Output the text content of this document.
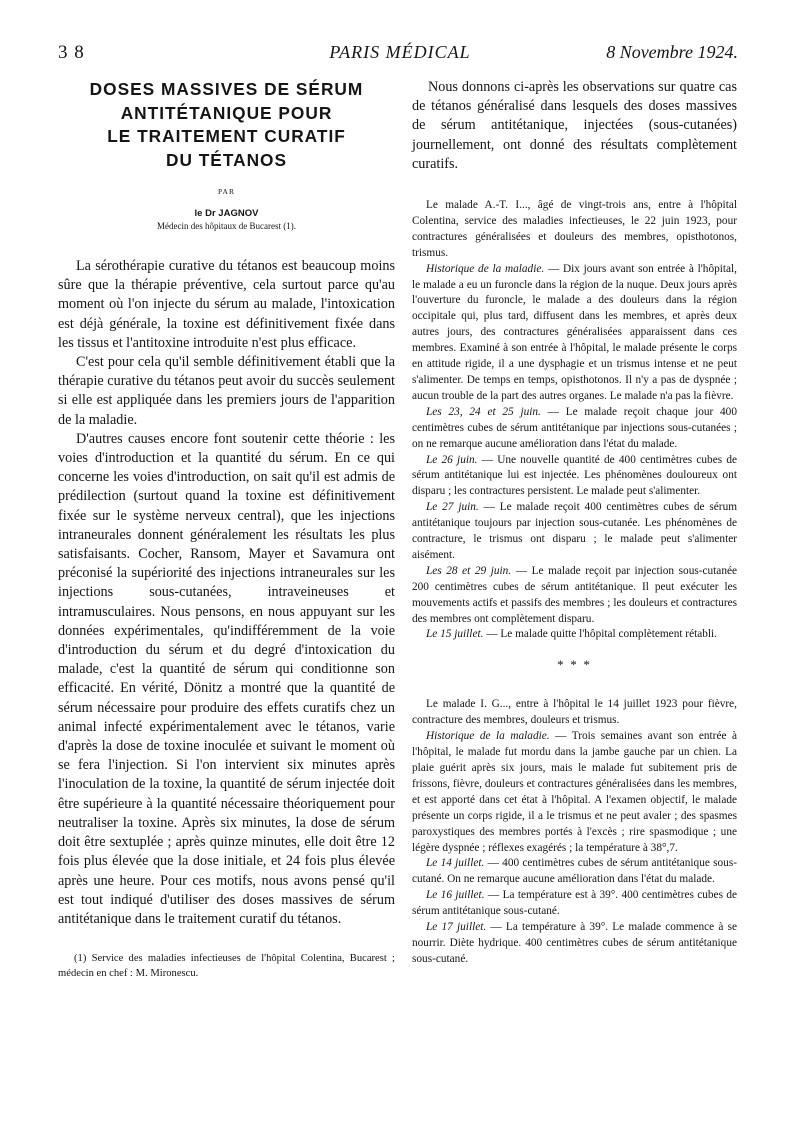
3 8	PARIS MÉDICAL	8 Novembre 1924.
DOSES MASSIVES DE SÉRUM
ANTITÉTANIQUE POUR
LE TRAITEMENT CURATIF
DU TÉTANOS
PAR
le Dr JAGNOV
Médecin des hôpitaux de Bucarest (1).

La sérothérapie curative du tétanos est beaucoup moins sûre que la thérapie préventive, cela surtout parce qu'au moment où l'on injecte du sérum au malade, l'intoxication est déjà générale, la toxine est définitivement fixée dans les tissus et l'antitoxine introduite n'est plus efficace.

C'est pour cela qu'il semble définitivement établi que la thérapie curative du tétanos peut avoir du succès seulement si elle est appliquée dans les premiers jours de l'apparition de la maladie.

D'autres causes encore font soutenir cette théorie : les voies d'introduction et la quantité du sérum. En ce qui concerne les voies d'introduction, on sait qu'il est admis de prédilection (surtout quand la toxine est définitivement fixée sur le système nerveux central), que les injections intraneurales donnent généralement les résultats les plus satisfaisants. Cocher, Ransom, Mayer et Savamura ont préconisé la supériorité des injections intraneurales sur les injections sous-cutanées, intraveineuses et intramusculaires. Nous pensons, en nous appuyant sur les données expérimentales, qu'indifféremment de la voie d'introduction du sérum et du degré d'intoxication du malade, c'est la quantité de sérum qui conditionne son efficacité. En vérité, Dönitz a montré que la quantité de sérum nécessaire pour produire des effets curatifs chez un animal infecté expérimentalement avec le tétanos, varie d'après la dose de toxine inoculée et suivant le moment où se fera l'injection. Si l'on intervient six minutes après l'inoculation de la toxine, la quantité de sérum injectée doit être supérieure à la quantité nécessaire théoriquement pour neutraliser la toxine. Après six minutes, la dose de sérum doit être sextuplée ; après quinze minutes, elle doit être 12 fois plus élevée que la dose initiale, et 24 fois plus élevée après une heure. Pour ces motifs, nous avons pensé qu'il est tout indiqué d'utiliser des doses massives de sérum antitétanique dans le traitement curatif du tétanos.

(1) Service des maladies infectieuses de l'hôpital Colentina, Bucarest ; médecin en chef : M. Mironescu.

Nous donnons ci-après les observations sur quatre cas de tétanos généralisé dans lesquels des doses massives de sérum antitétanique, injectées (sous-cutanées) journellement, ont donné des résultats complètement curatifs.

Le malade A.-T. I..., âgé de vingt-trois ans, entre à l'hôpital Colentina, service des maladies infectieuses, le 22 juin 1923, pour contractures généralisées et douleurs des membres, opisthotonos, trismus.

Historique de la maladie. — Dix jours avant son entrée à l'hôpital, le malade a eu un furoncle dans la région de la nuque. Deux jours après l'ouverture du furoncle, le malade a des douleurs dans la région occipitale qui, plus tard, diffusent dans les membres, et après deux autres jours, des contractures généralisées apparaissent dans ces membres. Examiné à son entrée à l'hôpital, le malade présente le corps en attitude rigide, il a une dysphagie et un trismus intense et ne peut s'alimenter. De temps en temps, opisthotonos. Il n'y a pas de dyspnée ; aucun trouble de la part des autres organes. Le malade n'a pas la fièvre.

Les 23, 24 et 25 juin. — Le malade reçoit chaque jour 400 centimètres cubes de sérum antitétanique par injections sous-cutanées ; on ne remarque aucune amélioration dans l'état du malade.

Le 26 juin. — Une nouvelle quantité de 400 centimètres cubes de sérum antitétanique lui est injectée. Les phénomènes douloureux ont disparu ; les contractures persistent. Le malade peut s'alimenter.

Le 27 juin. — Le malade reçoit 400 centimètres cubes de sérum antitétanique toujours par injection sous-cutanée. Les phénomènes de contracture, le trismus ont disparu ; le malade peut s'alimenter aisément.

Les 28 et 29 juin. — Le malade reçoit par injection sous-cutanée 200 centimètres cubes de sérum antitétanique. Il peut exécuter les mouvements actifs et passifs des membres ; les douleurs et contractures des membres ont complètement disparu.

Le 15 juillet. — Le malade quitte l'hôpital complètement rétabli.

* * *

Le malade I. G..., entre à l'hôpital le 14 juillet 1923 pour fièvre, contracture des membres, douleurs et trismus.

Historique de la maladie. — Trois semaines avant son entrée à l'hôpital, le malade fut mordu dans la jambe gauche par un chien. La plaie guérit après six jours, mais le malade fut subitement pris de frissons, fièvre, douleurs et contractures généralisées dans les membres, et est apporté dans cet état à l'hôpital. A l'examen objectif, le malade présente un corps rigide, il a le trismus et ne peut avaler ; des spasmes paroxystiques des membres portés à l'excès ; rire spasmodique ; une légère dyspnée ; réflexes exagérés ; la température à 38°,7.

Le 14 juillet. — 400 centimètres cubes de sérum antitétanique sous-cutané. On ne remarque aucune amélioration dans l'état du malade.

Le 16 juillet. — La température est à 39°. 400 centimètres cubes de sérum antitétanique sous-cutané.

Le 17 juillet. — La température à 39°. Le malade commence à se nourrir. Diète hydrique. 400 centimètres cubes de sérum antitétanique sous-cutané.
